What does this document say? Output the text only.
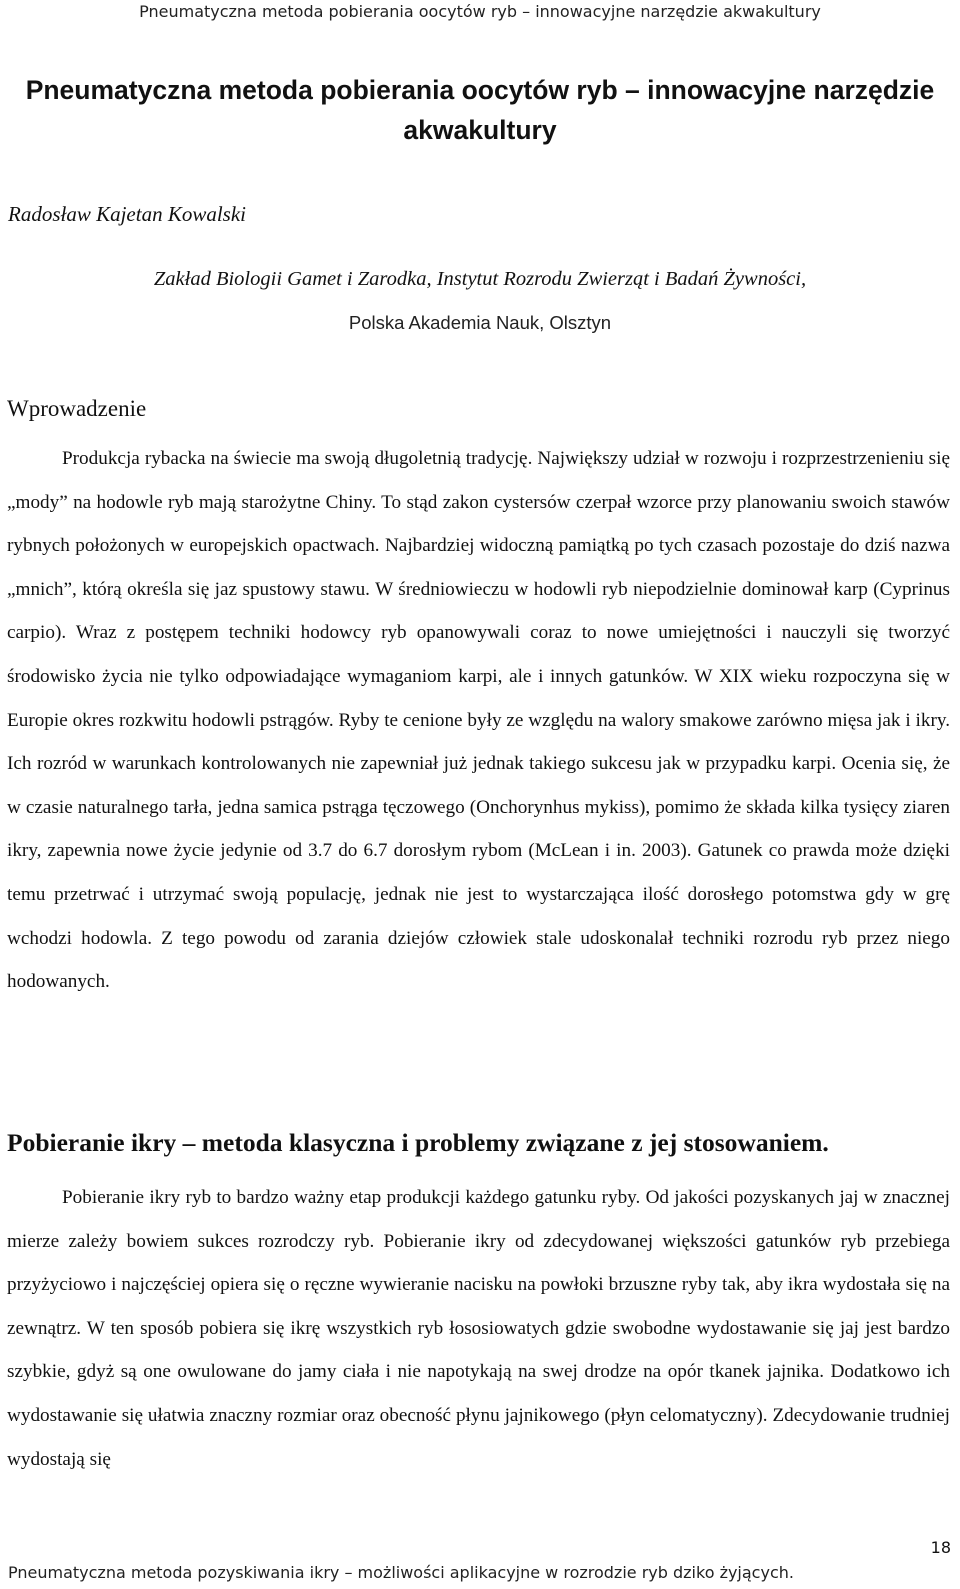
Pneumatyczna metoda pobierania oocytów ryb – innowacyjne narzędzie akwakultury
Pneumatyczna metoda pobierania oocytów ryb – innowacyjne narzędzie akwakultury
Radosław Kajetan Kowalski
Zakład Biologii Gamet i Zarodka, Instytut Rozrodu Zwierząt i Badań Żywności,
Polska Akademia Nauk, Olsztyn
Wprowadzenie

Produkcja rybacka na świecie ma swoją długoletnią tradycję. Największy udział w rozwoju i rozprzestrzenieniu się „mody” na hodowle ryb mają starożytne Chiny. To stąd zakon cystersów czerpał wzorce przy planowaniu swoich stawów rybnych położonych w europejskich opactwach. Najbardziej widoczną pamiątką po tych czasach pozostaje do dziś nazwa „mnich”, którą określa się jaz spustowy stawu. W średniowieczu w hodowli ryb niepodzielnie dominował karp (Cyprinus carpio). Wraz z postępem techniki hodowcy ryb opanowywali coraz to nowe umiejętności i nauczyli się tworzyć środowisko życia nie tylko odpowiadające wymaganiom karpi, ale i innych gatunków. W XIX wieku rozpoczyna się w Europie okres rozkwitu hodowli pstrągów. Ryby te cenione były ze względu na walory smakowe zarówno mięsa jak i ikry. Ich rozród w warunkach kontrolowanych nie zapewniał już jednak takiego sukcesu jak w przypadku karpi. Ocenia się, że w czasie naturalnego tarła, jedna samica pstrąga tęczowego (Onchorynhus mykiss), pomimo że składa kilka tysięcy ziaren ikry, zapewnia nowe życie jedynie od 3.7 do 6.7 dorosłym rybom (McLean i in. 2003). Gatunek co prawda może dzięki temu przetrwać i utrzymać swoją populację, jednak nie jest to wystarczająca ilość dorosłego potomstwa gdy w grę wchodzi hodowla. Z tego powodu od zarania dziejów człowiek stale udoskonalał techniki rozrodu ryb przez niego hodowanych.

Pobieranie ikry – metoda klasyczna i problemy związane z jej stosowaniem.

Pobieranie ikry ryb to bardzo ważny etap produkcji każdego gatunku ryby. Od jakości pozyskanych jaj w znacznej mierze zależy bowiem sukces rozrodczy ryb. Pobieranie ikry od zdecydowanej większości gatunków ryb przebiega przyżyciowo i najczęściej opiera się o ręczne wywieranie nacisku na powłoki brzuszne ryby tak, aby ikra wydostała się na zewnątrz. W ten sposób pobiera się ikrę wszystkich ryb łososiowatych gdzie swobodne wydostawanie się jaj jest bardzo szybkie, gdyż są one owulowane do jamy ciała i nie napotykają na swej drodze na opór tkanek jajnika. Dodatkowo ich wydostawanie się ułatwia znaczny rozmiar oraz obecność płynu jajnikowego (płyn celomatyczny). Zdecydowanie trudniej wydostają się

18
Pneumatyczna metoda pozyskiwania ikry – możliwości aplikacyjne w rozrodzie ryb dziko żyjących.
